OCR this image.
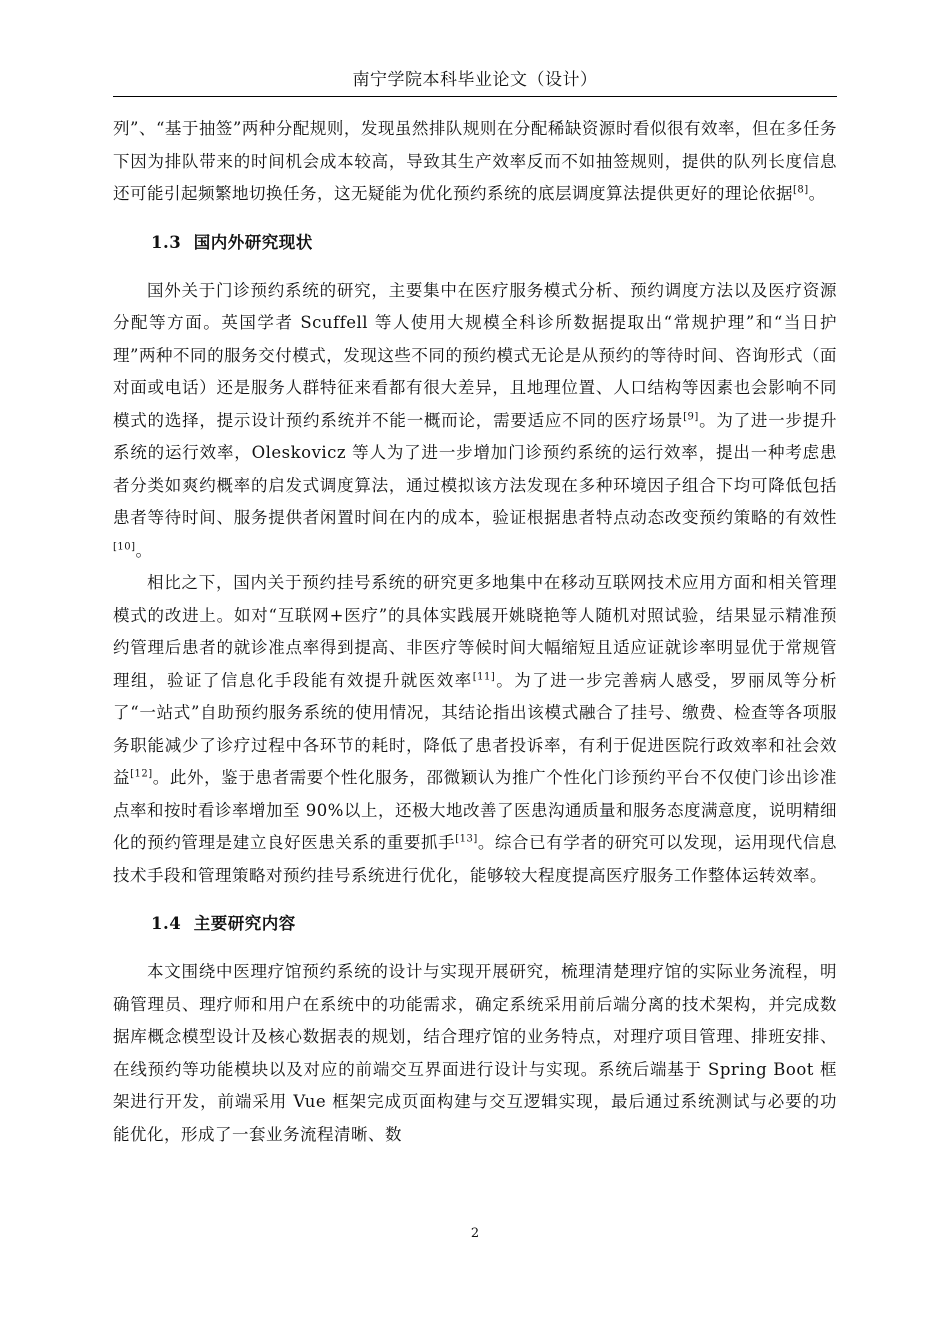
南宁学院本科毕业论文（设计）

列”、“基于抽签”两种分配规则，发现虽然排队规则在分配稀缺资源时看似很有效率，但在多任务下因为排队带来的时间机会成本较高，导致其生产效率反而不如抽签规则，提供的队列长度信息还可能引起频繁地切换任务，这无疑能为优化预约系统的底层调度算法提供更好的理论依据[8]。

1.3 国内外研究现状

国外关于门诊预约系统的研究，主要集中在医疗服务模式分析、预约调度方法以及医疗资源分配等方面。英国学者 Scuffell 等人使用大规模全科诊所数据提取出“常规护理”和“当日护理”两种不同的服务交付模式，发现这些不同的预约模式无论是从预约的等待时间、咨询形式（面对面或电话）还是服务人群特征来看都有很大差异，且地理位置、人口结构等因素也会影响不同模式的选择，提示设计预约系统并不能一概而论，需要适应不同的医疗场景[9]。为了进一步提升系统的运行效率，Oleskovicz 等人为了进一步增加门诊预约系统的运行效率，提出一种考虑患者分类如爽约概率的启发式调度算法，通过模拟该方法发现在多种环境因子组合下均可降低包括患者等待时间、服务提供者闲置时间在内的成本，验证根据患者特点动态改变预约策略的有效性[10]。

相比之下，国内关于预约挂号系统的研究更多地集中在移动互联网技术应用方面和相关管理模式的改进上。如对“互联网+医疗”的具体实践展开姚晓艳等人随机对照试验，结果显示精准预约管理后患者的就诊准点率得到提高、非医疗等候时间大幅缩短且适应证就诊率明显优于常规管理组，验证了信息化手段能有效提升就医效率[11]。为了进一步完善病人感受，罗丽凤等分析了“一站式”自助预约服务系统的使用情况，其结论指出该模式融合了挂号、缴费、检查等各项服务职能减少了诊疗过程中各环节的耗时，降低了患者投诉率，有利于促进医院行政效率和社会效益[12]。此外，鉴于患者需要个性化服务，邵微颖认为推广个性化门诊预约平台不仅使门诊出诊准点率和按时看诊率增加至 90%以上，还极大地改善了医患沟通质量和服务态度满意度，说明精细化的预约管理是建立良好医患关系的重要抓手[13]。综合已有学者的研究可以发现，运用现代信息技术手段和管理策略对预约挂号系统进行优化，能够较大程度提高医疗服务工作整体运转效率。

1.4 主要研究内容

本文围绕中医理疗馆预约系统的设计与实现开展研究，梳理清楚理疗馆的实际业务流程，明确管理员、理疗师和用户在系统中的功能需求，确定系统采用前后端分离的技术架构，并完成数据库概念模型设计及核心数据表的规划，结合理疗馆的业务特点，对理疗项目管理、排班安排、在线预约等功能模块以及对应的前端交互界面进行设计与实现。系统后端基于 Spring Boot 框架进行开发，前端采用 Vue 框架完成页面构建与交互逻辑实现，最后通过系统测试与必要的功能优化，形成了一套业务流程清晰、数

2
